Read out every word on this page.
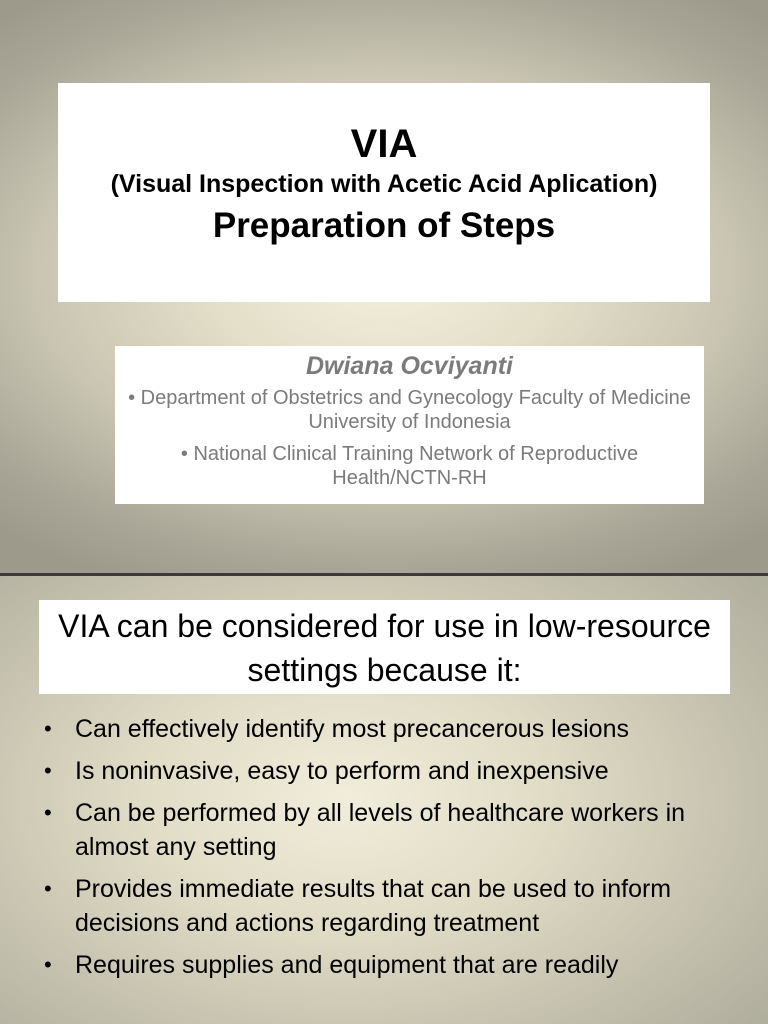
VIA
(Visual Inspection with Acetic Acid Aplication)
Preparation of Steps
Dwiana Ocviyanti
• Department of Obstetrics and Gynecology Faculty of Medicine University of Indonesia
• National Clinical Training Network of Reproductive Health/NCTN-RH
VIA can be considered for use in low-resource settings because it:
• Can effectively identify most precancerous lesions
• Is noninvasive, easy to perform and inexpensive
• Can be performed by all levels of healthcare workers in almost any setting
• Provides immediate results that can be used to inform decisions and actions regarding treatment
• Requires supplies and equipment that are readily
